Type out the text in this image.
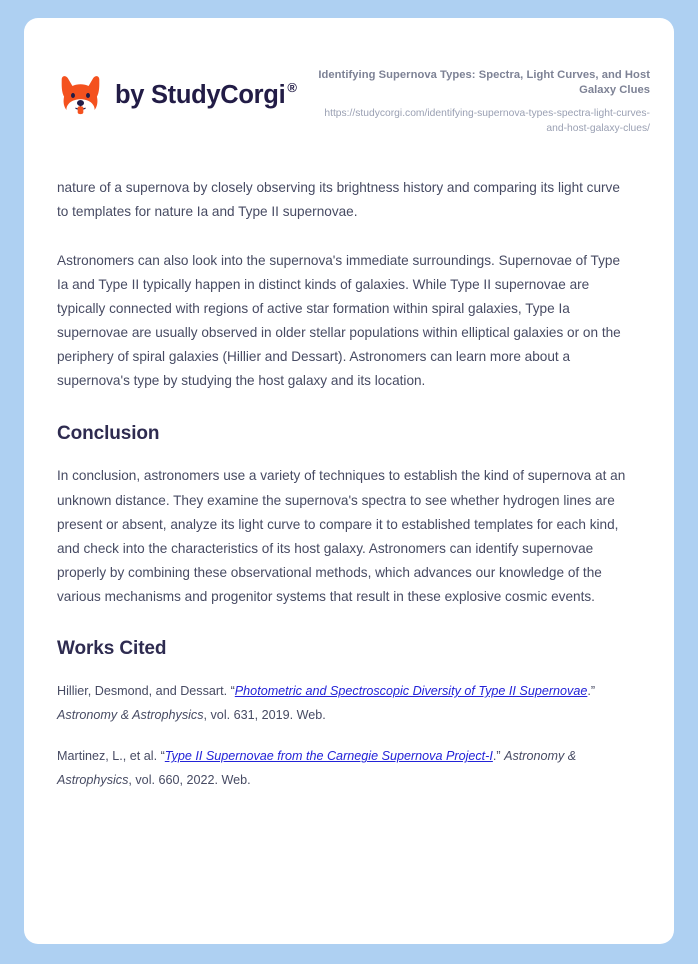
by StudyCorgi ®

Identifying Supernova Types: Spectra, Light Curves, and Host Galaxy Clues

https://studycorgi.com/identifying-supernova-types-spectra-light-curves-and-host-galaxy-clues/

nature of a supernova by closely observing its brightness history and comparing its light curve to templates for nature Ia and Type II supernovae.

Astronomers can also look into the supernova's immediate surroundings. Supernovae of Type Ia and Type II typically happen in distinct kinds of galaxies. While Type II supernovae are typically connected with regions of active star formation within spiral galaxies, Type Ia supernovae are usually observed in older stellar populations within elliptical galaxies or on the periphery of spiral galaxies (Hillier and Dessart). Astronomers can learn more about a supernova's type by studying the host galaxy and its location.

Conclusion

In conclusion, astronomers use a variety of techniques to establish the kind of supernova at an unknown distance. They examine the supernova's spectra to see whether hydrogen lines are present or absent, analyze its light curve to compare it to established templates for each kind, and check into the characteristics of its host galaxy. Astronomers can identify supernovae properly by combining these observational methods, which advances our knowledge of the various mechanisms and progenitor systems that result in these explosive cosmic events.

Works Cited

Hillier, Desmond, and Dessart. “Photometric and Spectroscopic Diversity of Type II Supernovae.” Astronomy & Astrophysics, vol. 631, 2019. Web.

Martinez, L., et al. “Type II Supernovae from the Carnegie Supernova Project-I.” Astronomy & Astrophysics, vol. 660, 2022. Web.
